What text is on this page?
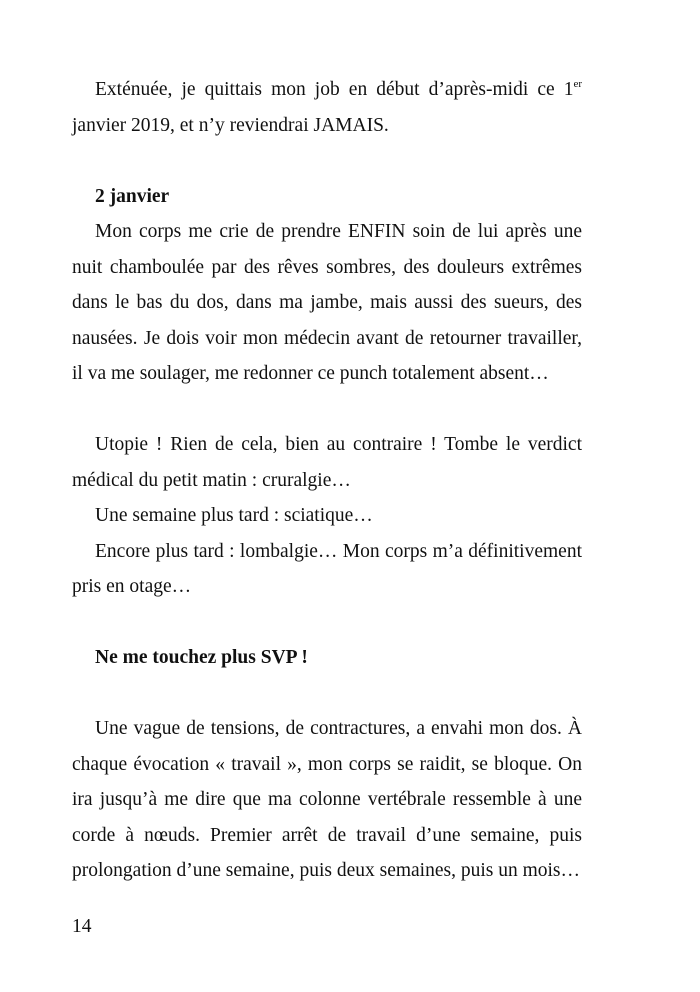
Exténuée, je quittais mon job en début d’après-midi ce 1er janvier 2019, et n’y reviendrai JAMAIS.

2 janvier

Mon corps me crie de prendre ENFIN soin de lui après une nuit chamboulée par des rêves sombres, des douleurs extrêmes dans le bas du dos, dans ma jambe, mais aussi des sueurs, des nausées. Je dois voir mon médecin avant de retourner travailler, il va me soulager, me redonner ce punch totalement absent…

Utopie ! Rien de cela, bien au contraire ! Tombe le verdict médical du petit matin : cruralgie…

Une semaine plus tard : sciatique…

Encore plus tard : lombalgie… Mon corps m’a définitivement pris en otage…

Ne me touchez plus SVP !

Une vague de tensions, de contractures, a envahi mon dos. À chaque évocation « travail », mon corps se raidit, se bloque. On ira jusqu’à me dire que ma colonne vertébrale ressemble à une corde à nœuds. Premier arrêt de travail d’une semaine, puis prolongation d’une semaine, puis deux semaines, puis un mois…

14
